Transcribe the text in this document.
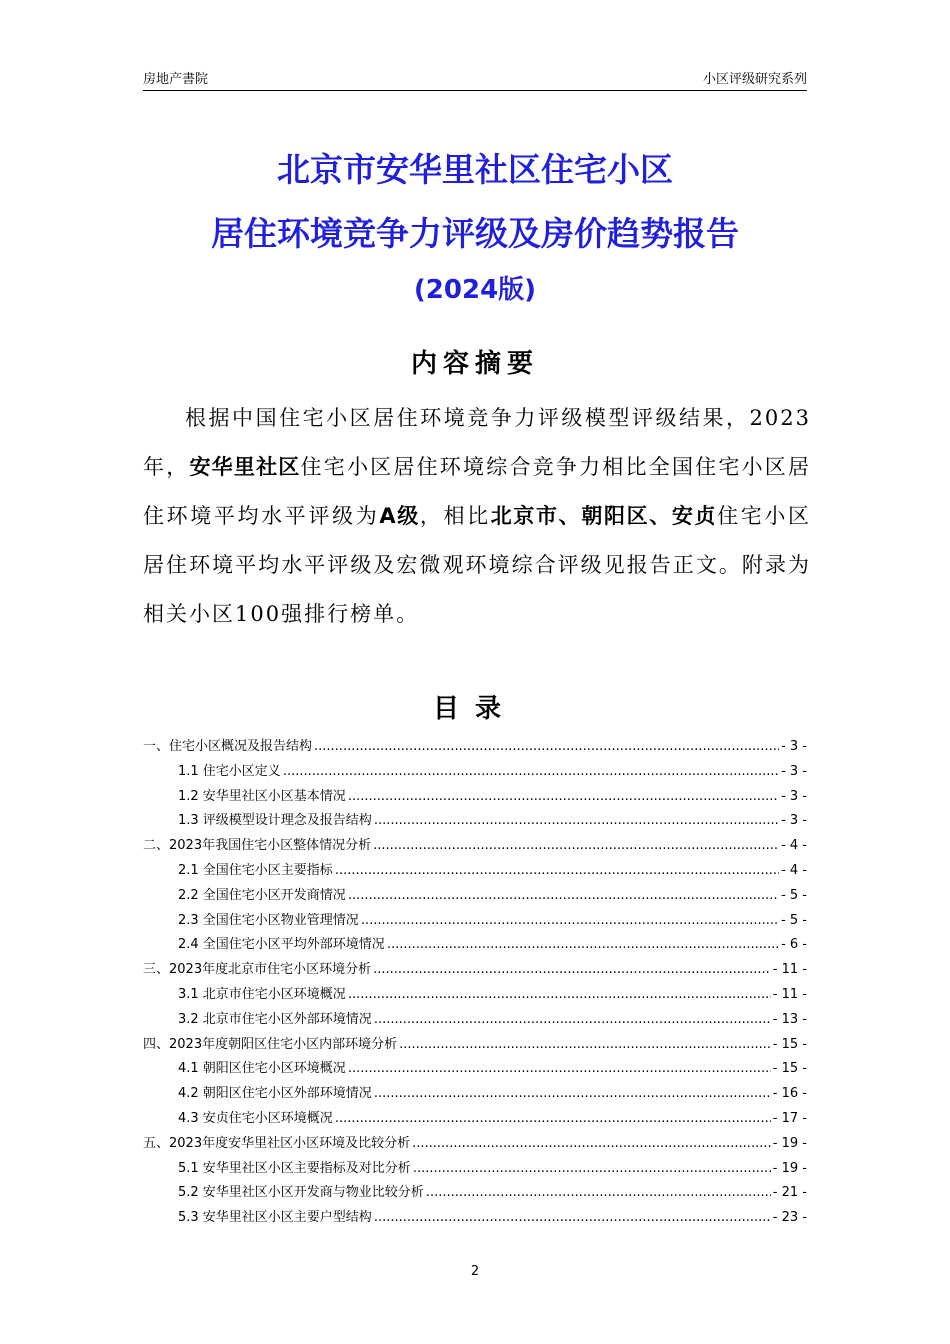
房地产書院	小区评级研究系列
北京市安华里社区住宅小区
居住环境竞争力评级及房价趋势报告
(2024版)
内容摘要
根据中国住宅小区居住环境竞争力评级模型评级结果，2023年，安华里社区住宅小区居住环境综合竞争力相比全国住宅小区居住环境平均水平评级为A级，相比北京市、朝阳区、安贞住宅小区居住环境平均水平评级及宏微观环境综合评级见报告正文。附录为相关小区100强排行榜单。
目录
一、住宅小区概况及报告结构 .....	- 3 -
1.1 住宅小区定义 .....	- 3 -
1.2 安华里社区小区基本情况 .....	- 3 -
1.3 评级模型设计理念及报告结构 .....	- 3 -
二、2023年我国住宅小区整体情况分析 .....	- 4 -
2.1 全国住宅小区主要指标 .....	- 4 -
2.2 全国住宅小区开发商情况 .....	- 5 -
2.3 全国住宅小区物业管理情况 .....	- 5 -
2.4 全国住宅小区平均外部环境情况 .....	- 6 -
三、2023年度北京市住宅小区环境分析 .....	- 11 -
3.1 北京市住宅小区环境概况 .....	- 11 -
3.2 北京市住宅小区外部环境情况 .....	- 13 -
四、2023年度朝阳区住宅小区内部环境分析 .....	- 15 -
4.1 朝阳区住宅小区环境概况 .....	- 15 -
4.2 朝阳区住宅小区外部环境情况 .....	- 16 -
4.3 安贞住宅小区环境概况 .....	- 17 -
五、2023年度安华里社区小区环境及比较分析 .....	- 19 -
5.1 安华里社区小区主要指标及对比分析 .....	- 19 -
5.2 安华里社区小区开发商与物业比较分析 .....	- 21 -
5.3 安华里社区小区主要户型结构 .....	- 23 -
2
